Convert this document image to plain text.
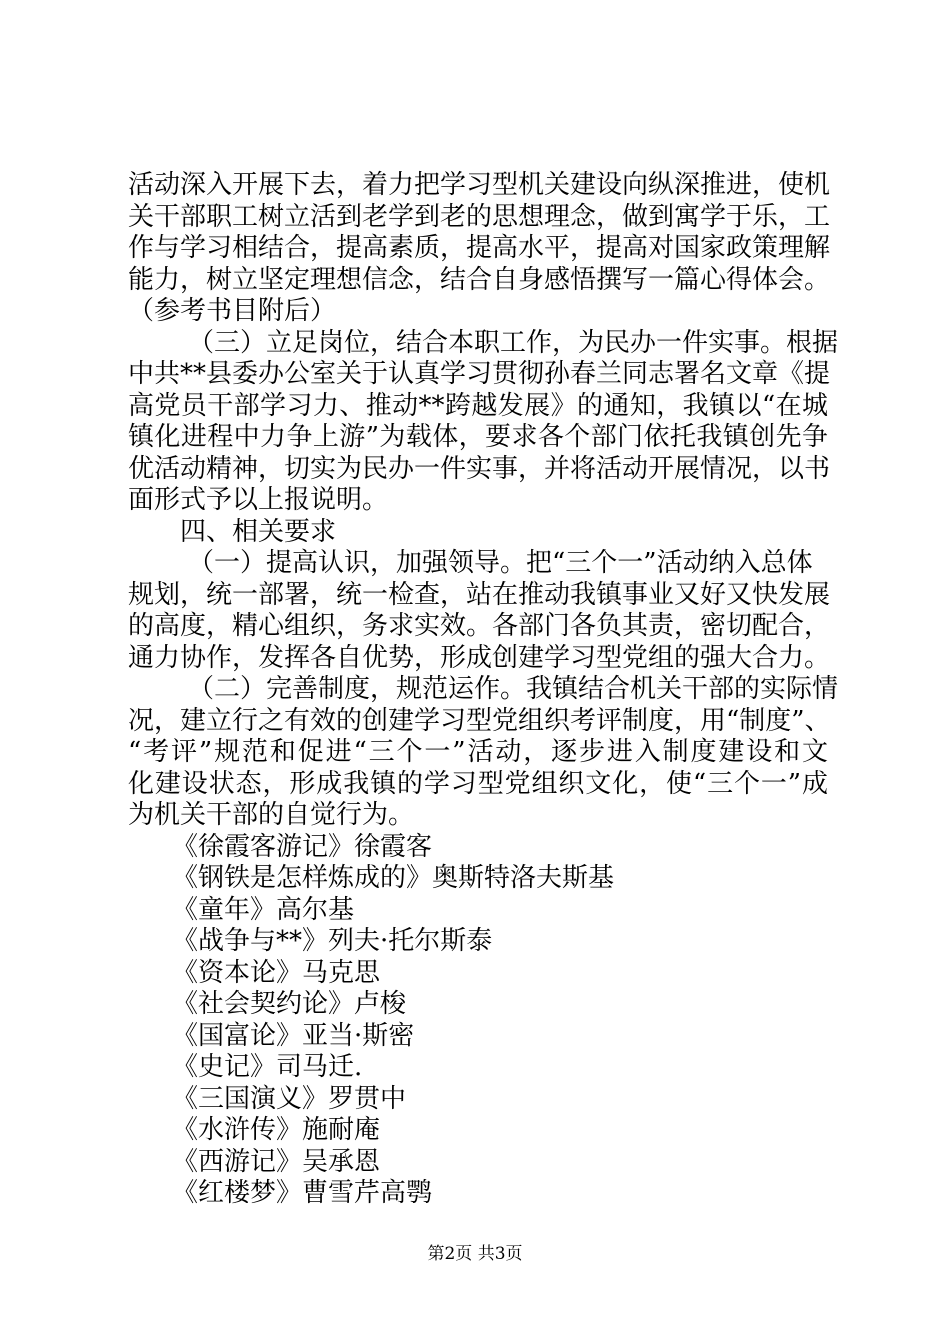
活动深入开展下去，着力把学习型机关建设向纵深推进，使机
关干部职工树立活到老学到老的思想理念，做到寓学于乐，工
作与学习相结合，提高素质，提高水平，提高对国家政策理解
能力，树立坚定理想信念，结合自身感悟撰写一篇心得体会。
（参考书目附后）
（三）立足岗位，结合本职工作，为民办一件实事。根据
中共**县委办公室关于认真学习贯彻孙春兰同志署名文章《提
高党员干部学习力、推动**跨越发展》的通知，我镇以“在城
镇化进程中力争上游”为载体，要求各个部门依托我镇创先争
优活动精神，切实为民办一件实事，并将活动开展情况，以书
面形式予以上报说明。
四、相关要求
（一）提高认识，加强领导。把“三个一”活动纳入总体
规划，统一部署，统一检查，站在推动我镇事业又好又快发展
的高度，精心组织，务求实效。各部门各负其责，密切配合，
通力协作，发挥各自优势，形成创建学习型党组的强大合力。
（二）完善制度，规范运作。我镇结合机关干部的实际情
况，建立行之有效的创建学习型党组织考评制度，用“制度”、
“考评”规范和促进“三个一”活动，逐步进入制度建设和文
化建设状态，形成我镇的学习型党组织文化，使“三个一”成
为机关干部的自觉行为。
《徐霞客游记》徐霞客
《钢铁是怎样炼成的》奥斯特洛夫斯基
《童年》高尔基
《战争与**》列夫·托尔斯泰
《资本论》马克思
《社会契约论》卢梭
《国富论》亚当·斯密
《史记》司马迁.
《三国演义》罗贯中
《水浒传》施耐庵
《西游记》吴承恩
《红楼梦》曹雪芹高鹗
第2页 共3页
